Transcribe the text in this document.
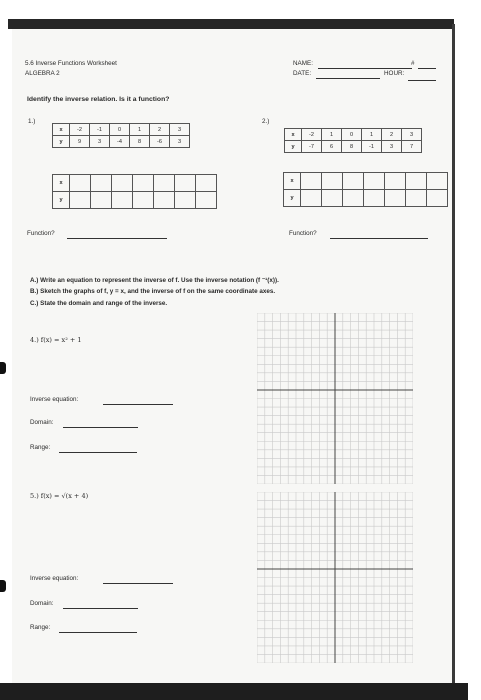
5.6 Inverse Functions Worksheet
ALGEBRA 2
NAME:	#
DATE:	HOUR:
Identify the inverse relation. Is it a function?
1.)
x	-2	-1	0	1	2	3
y	9	3	-4	8	-6	3
x							
y							
Function?
2.)
x	-2	1	0	1	2	3
y	-7	6	8	-1	3	7
x							
y							
Function?
A.) Write an equation to represent the inverse of f. Use the inverse notation (f ⁻¹(x)).
B.) Sketch the graphs of f, y = x, and the inverse of f on the same coordinate axes.
C.) State the domain and range of the inverse.
4.) f(x) = x² + 1
Inverse equation:
Domain:
Range:
5.) f(x) = √(x + 4)
Inverse equation:
Domain:
Range:
